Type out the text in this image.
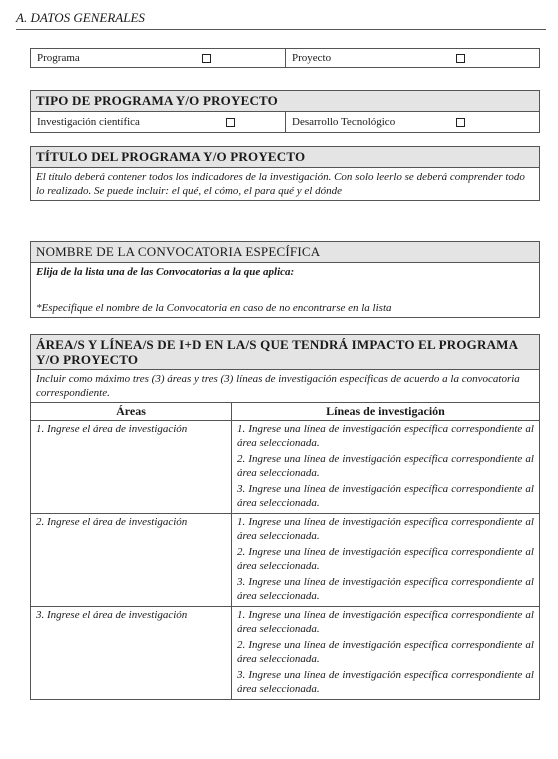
A. DATOS GENERALES
Programa	Proyecto
TIPO DE PROGRAMA Y/O PROYECTO
Investigación científica	Desarrollo Tecnológico
TÍTULO DEL PROGRAMA Y/O PROYECTO
El título deberá contener todos los indicadores de la investigación. Con solo leerlo se deberá comprender todo lo realizado. Se puede incluir: el qué, el cómo, el para qué y el dónde
NOMBRE DE LA CONVOCATORIA ESPECÍFICA
Elija de la lista una de las Convocatorias a la que aplica:
*Especifique el nombre de la Convocatoria en caso de no encontrarse en la lista
ÁREA/S Y LÍNEA/S DE I+D EN LA/S QUE TENDRÁ IMPACTO EL PROGRAMA Y/O PROYECTO
Incluir como máximo tres (3) áreas y tres (3) líneas de investigación específicas de acuerdo a la convocatoria correspondiente.
Áreas	Líneas de investigación
1. Ingrese el área de investigación	1. Ingrese una línea de investigación específica correspondiente al área seleccionada.
2. Ingrese una línea de investigación específica correspondiente al área seleccionada.
3. Ingrese una línea de investigación específica correspondiente al área seleccionada.

2. Ingrese el área de investigación	1. Ingrese una línea de investigación específica correspondiente al área seleccionada.
2. Ingrese una línea de investigación específica correspondiente al área seleccionada.
3. Ingrese una línea de investigación específica correspondiente al área seleccionada.

3. Ingrese el área de investigación	1. Ingrese una línea de investigación específica correspondiente al área seleccionada.
2. Ingrese una línea de investigación específica correspondiente al área seleccionada.
3. Ingrese una línea de investigación específica correspondiente al área seleccionada.
